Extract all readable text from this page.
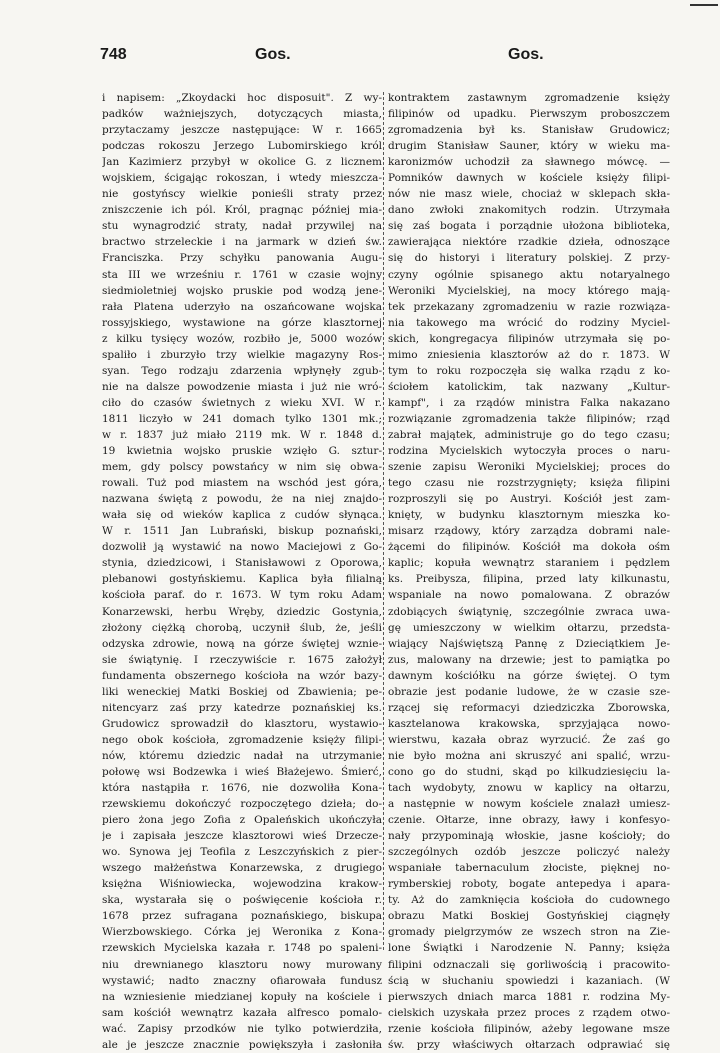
748	Gos.	Gos.
i napisem: „Zkoydacki hoc disposuit". Z wy-
padków ważniejszych, dotyczących miasta,
przytaczamy jeszcze następujące: W r. 1665
podczas rokoszu Jerzego Lubomirskiego król
Jan Kazimierz przybył w okolice G. z licznem
wojskiem, ścigając rokoszan, i wtedy mieszcza-
nie gostyńscy wielkie ponieśli straty przez
zniszczenie ich pól. Król, pragnąc później mia-
stu wynagrodzić straty, nadał przywilej na
bractwo strzeleckie i na jarmark w dzień św.
Franciszka. Przy schyłku panowania Augu-
sta III we wrześniu r. 1761 w czasie wojny
siedmioletniej wojsko pruskie pod wodzą jene-
rała Platena uderzyło na oszańcowane wojska
rossyjskiego, wystawione na górze klasztornej
z kilku tysięcy wozów, rozbiło je, 5000 wozów
spaliło i zburzyło trzy wielkie magazyny Ros-
syan. Tego rodzaju zdarzenia wpłynęły zgub-
nie na dalsze powodzenie miasta i już nie wró-
ciło do czasów świetnych z wieku XVI. W r.
1811 liczyło w 241 domach tylko 1301 mk.;
w r. 1837 już miało 2119 mk. W r. 1848 d.
19 kwietnia wojsko pruskie wzięło G. sztur-
mem, gdy polscy powstańcy w nim się obwa-
rowali. Tuż pod miastem na wschód jest góra,
nazwana świętą z powodu, że na niej znajdo-
wała się od wieków kaplica z cudów słynąca.
W r. 1511 Jan Lubrański, biskup poznański,
dozwolił ją wystawić na nowo Maciejowi z Go-
stynia, dziedzicowi, i Stanisławowi z Oporowa,
plebanowi gostyńskiemu. Kaplica była filialną
kościoła paraf. do r. 1673. W tym roku Adam
Konarzewski, herbu Wręby, dziedzic Gostynia,
złożony ciężką chorobą, uczynił ślub, że, jeśli
odzyska zdrowie, nową na górze świętej wznie-
sie świątynię. I rzeczywiście r. 1675 założył
fundamenta obszernego kościoła na wzór bazy-
liki weneckiej Matki Boskiej od Zbawienia; pe-
nitencyarz zaś przy katedrze poznańskiej ks.
Grudowicz sprowadził do klasztoru, wystawio-
nego obok kościoła, zgromadzenie księży filipi-
nów, któremu dziedzic nadał na utrzymanie
połowę wsi Bodzewka i wieś Błażejewo. Śmierć,
która nastąpiła r. 1676, nie dozwoliła Kona-
rzewskiemu dokończyć rozpoczętego dzieła; do-
piero żona jego Zofia z Opaleńskich ukończyła
je i zapisała jeszcze klasztorowi wieś Drzecze-
wo. Synowa jej Teofila z Leszczyńskich z pier-
wszego małżeństwa Konarzewska, z drugiego
księżna Wiśniowiecka, wojewodzina krakow-
ska, wystarała się o poświęcenie kościoła r.
1678 przez sufragana poznańskiego, biskupa
Wierzbowskiego. Córka jej Weronika z Kona-
rzewskich Mycielska kazała r. 1748 po spaleni-
niu drewnianego klasztoru nowy murowany
wystawić; nadto znaczny ofiarowała fundusz
na wzniesienie miedzianej kopuły na kościele i
sam kościół wewnątrz kazała alfresco pomalo-
wać. Zapisy przodków nie tylko potwierdziła,
ale je jeszcze znacznie powiększyła i zasłoniła
kontraktem zastawnym zgromadzenie księży
filipinów od upadku. Pierwszym proboszczem
zgromadzenia był ks. Stanisław Grudowicz;
drugim Stanisław Sauner, który w wieku ma-
karonizmów uchodził za sławnego mówcę. —
Pomników dawnych w kościele księży filipi-
nów nie masz wiele, chociaż w sklepach skła-
dano zwłoki znakomitych rodzin. Utrzymała
się zaś bogata i porządnie ułożona biblioteka,
zawierająca niektóre rzadkie dzieła, odnoszące
się do historyi i literatury polskiej. Z przy-
czyny ogólnie spisanego aktu notaryalnego
Weroniki Mycielskiej, na mocy którego mają-
tek przekazany zgromadzeniu w razie rozwiąza-
nia takowego ma wrócić do rodziny Myciel-
skich, kongregacya filipinów utrzymała się po-
mimo zniesienia klasztorów aż do r. 1873. W
tym to roku rozpoczęła się walka rządu z ko-
ściołem katolickim, tak nazwany „Kultur-
kampf", i za rządów ministra Falka nakazano
rozwiązanie zgromadzenia także filipinów; rząd
zabrał majątek, administruje go do tego czasu;
rodzina Mycielskich wytoczyła proces o naru-
szenie zapisu Weroniki Mycielskiej; proces do
tego czasu nie rozstrzygnięty; księża filipini
rozproszyli się po Austryi. Kościół jest zam-
knięty, w budynku klasztornym mieszka ko-
misarz rządowy, który zarządza dobrami nale-
żącemi do filipinów. Kościół ma dokoła ośm
kaplic; kopuła wewnątrz staraniem i pędzlem
ks. Preibysza, filipina, przed laty kilkunastu,
wspaniale na nowo pomalowana. Z obrazów
zdobiących świątynię, szczególnie zwraca uwa-
gę umieszczony w wielkim ołtarzu, przedsta-
wiający Najświętszą Pannę z Dzieciątkiem Je-
zus, malowany na drzewie; jest to pamiątka po
dawnym kościółku na górze świętej. O tym
obrazie jest podanie ludowe, że w czasie sze-
rzącej się reformacyi dziedziczka Zborowska,
kasztelanowa krakowska, sprzyjająca nowo-
wierstwu, kazała obraz wyrzucić. Że zaś go
nie było można ani skruszyć ani spalić, wrzu-
cono go do studni, skąd po kilkudziesięciu la-
tach wydobyty, znowu w kaplicy na ołtarzu,
a następnie w nowym kościele znalazł umiesz-
czenie. Ołtarze, inne obrazy, ławy i konfesyo-
nały przypominają włoskie, jasne kościoły; do
szczególnych ozdób jeszcze policzyć należy
wspaniałe tabernaculum złociste, pięknej no-
rymberskiej roboty, bogate antepedya i apara-
ty. Aż do zamknięcia kościoła do cudownego
obrazu Matki Boskiej Gostyńskiej ciągnęły
gromady pielgrzymów ze wszech stron na Zie-
lone Świątki i Narodzenie N. Panny; księża
filipini odznaczali się gorliwością i pracowito-
ścią w słuchaniu spowiedzi i kazaniach. (W
pierwszych dniach marca 1881 r. rodzina My-
cielskich uzyskała przez proces z rządem otwo-
rzenie kościoła filipinów, ażeby legowane msze
św. przy właściwych ołtarzach odprawiać się
